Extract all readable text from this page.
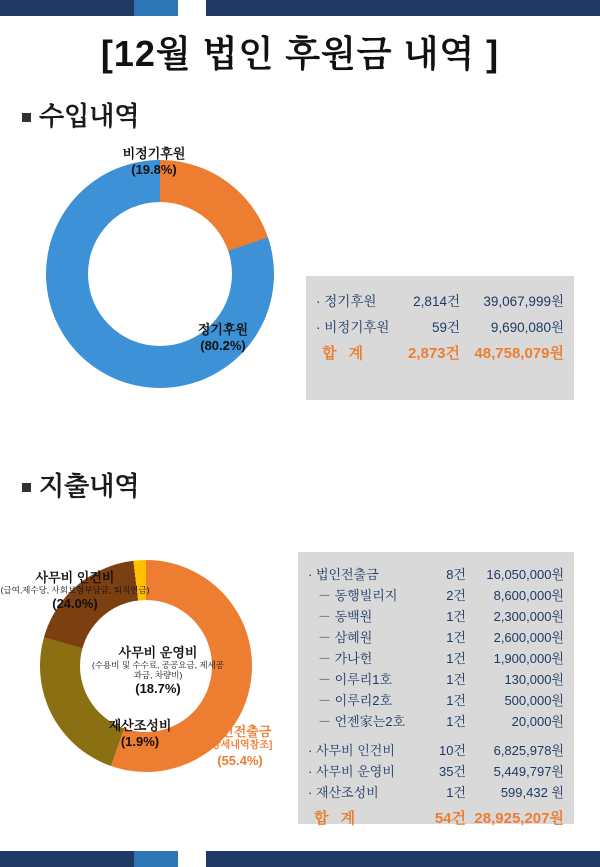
[12월 법인 후원금 내역 ]
수입내역
비정기후원
(19.8%)
정기후원
(80.2%)
· 정기후원	2,814건	39,067,999원
· 비정기후원	59건	9,690,080원
합 계	2,873건 48,758,079원
지출내역
사무비 인건비
(급여,제수당, 사회보험부담금, 퇴직연금)
(24.0%)
사무비 운영비
(수용비 및 수수료, 공공요금, 제세공과금, 차량비)
(18.7%)
재산조성비
(1.9%)
법인전출금
[상세내역참조]
(55.4%)
· 법인전출금	8건	16,050,000원
－ 동행빌리지	2건	8,600,000원
－ 동백원	1건	2,300,000원
－ 삼혜원	1건	2,600,000원
－ 가나헌	1건	1,900,000원
－ 이루리1호	1건	130,000원
－ 이루리2호	1건	500,000원
－ 언젠家는2호	1건	20,000원
· 사무비 인건비	10건	6,825,978원
· 사무비 운영비	35건	5,449,797원
· 재산조성비	1건	599,432 원
합 계	54건 28,925,207원
